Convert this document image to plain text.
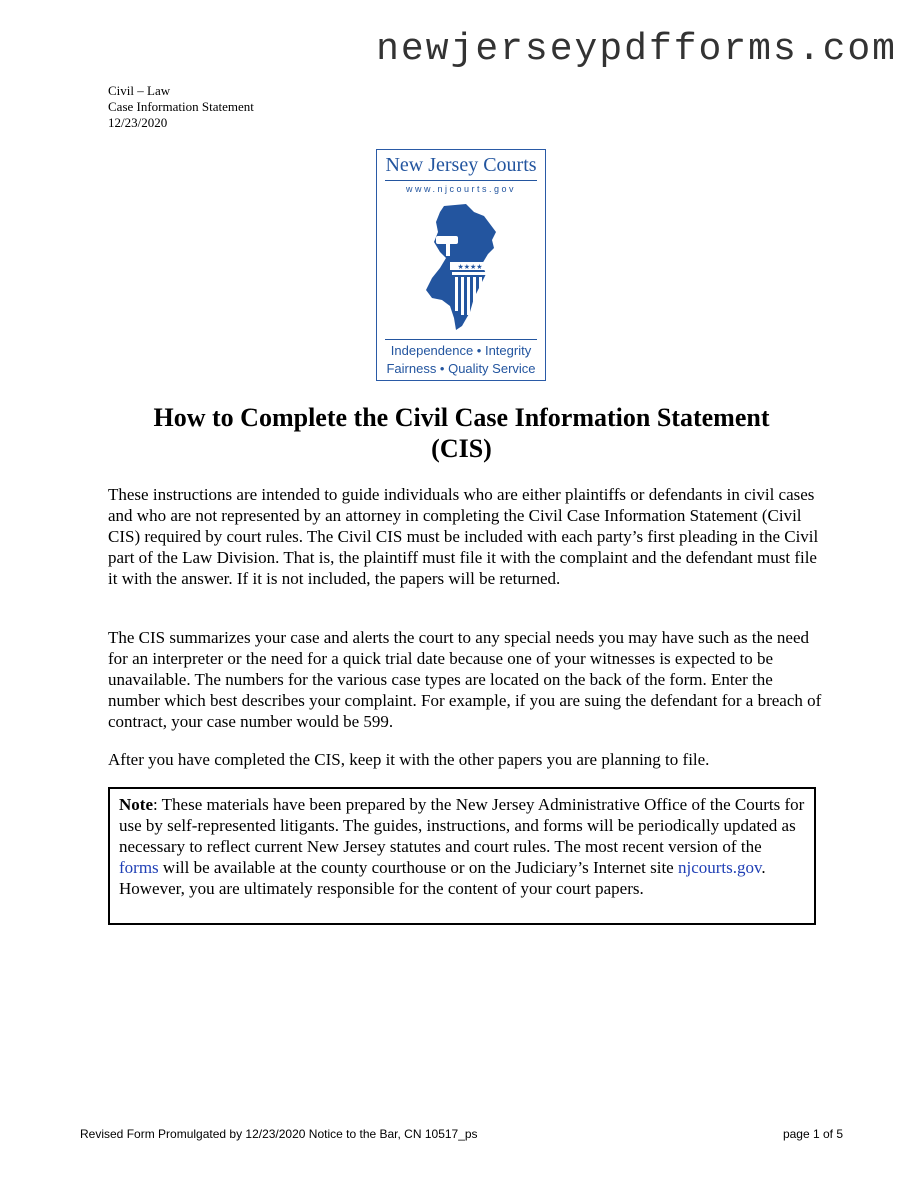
newjerseypdfforms.com
Civil – Law
Case Information Statement
12/23/2020
New Jersey Courts
www.njcourts.gov
★★★★
Independence • Integrity
Fairness • Quality Service
How to Complete the Civil Case Information Statement
(CIS)
These instructions are intended to guide individuals who are either plaintiffs or defendants in civil cases and who are not represented by an attorney in completing the Civil Case Information Statement (Civil CIS) required by court rules. The Civil CIS must be included with each party’s first pleading in the Civil part of the Law Division. That is, the plaintiff must file it with the complaint and the defendant must file it with the answer. If it is not included, the papers will be returned.
The CIS summarizes your case and alerts the court to any special needs you may have such as the need for an interpreter or the need for a quick trial date because one of your witnesses is expected to be unavailable. The numbers for the various case types are located on the back of the form. Enter the number which best describes your complaint. For example, if you are suing the defendant for a breach of contract, your case number would be 599.
After you have completed the CIS, keep it with the other papers you are planning to file.
Note: These materials have been prepared by the New Jersey Administrative Office of the Courts for use by self-represented litigants. The guides, instructions, and forms will be periodically updated as necessary to reflect current New Jersey statutes and court rules. The most recent version of the forms will be available at the county courthouse or on the Judiciary’s Internet site njcourts.gov. However, you are ultimately responsible for the content of your court papers.
Revised Form Promulgated by 12/23/2020 Notice to the Bar, CN 10517_ps	page 1 of 5
